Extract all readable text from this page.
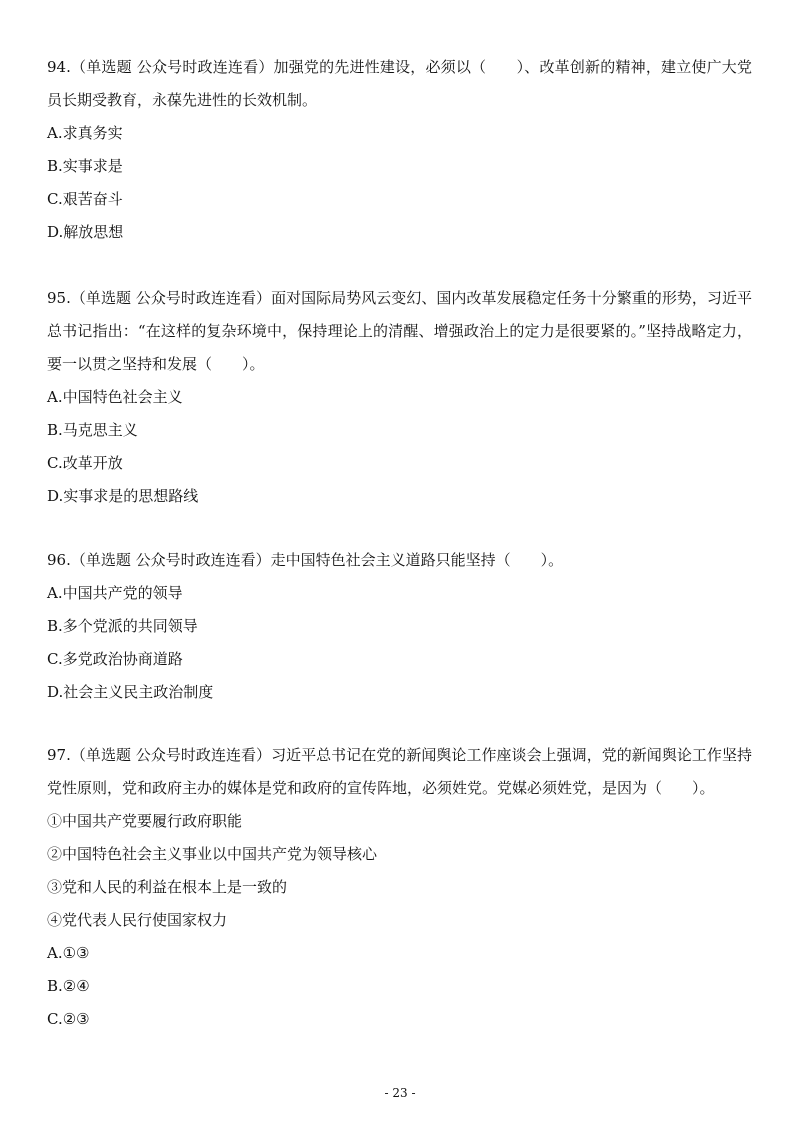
94.（单选题 公众号时政连连看）加强党的先进性建设，必须以（　　）、改革创新的精神，建立使广大党员长期受教育，永葆先进性的长效机制。

A.求真务实
B.实事求是
C.艰苦奋斗
D.解放思想

95.（单选题 公众号时政连连看）面对国际局势风云变幻、国内改革发展稳定任务十分繁重的形势，习近平总书记指出：“在这样的复杂环境中，保持理论上的清醒、增强政治上的定力是很要紧的。”坚持战略定力，要一以贯之坚持和发展（　　）。

A.中国特色社会主义
B.马克思主义
C.改革开放
D.实事求是的思想路线

96.（单选题 公众号时政连连看）走中国特色社会主义道路只能坚持（　　）。

A.中国共产党的领导
B.多个党派的共同领导
C.多党政治协商道路
D.社会主义民主政治制度

97.（单选题 公众号时政连连看）习近平总书记在党的新闻舆论工作座谈会上强调，党的新闻舆论工作坚持党性原则，党和政府主办的媒体是党和政府的宣传阵地，必须姓党。党媒必须姓党，是因为（　　）。

①中国共产党要履行政府职能
②中国特色社会主义事业以中国共产党为领导核心
③党和人民的利益在根本上是一致的
④党代表人民行使国家权力
A.①③
B.②④
C.②③
- 23 -
